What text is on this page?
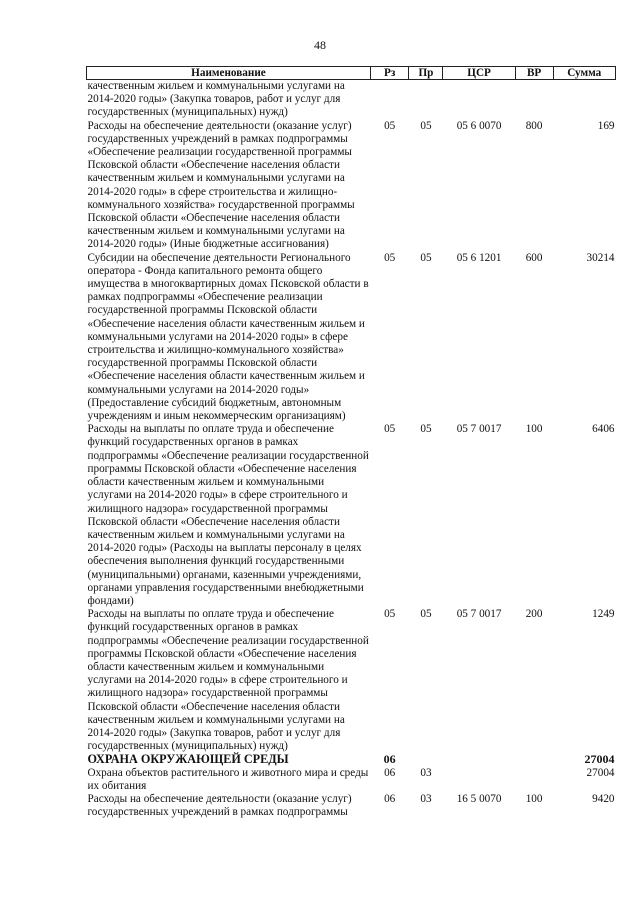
48
Наименование	Рз	Пр	ЦСР	ВР	Сумма
качественным жильем и коммунальными услугами на 2014-2020 годы» (Закупка товаров, работ и услуг для государственных (муниципальных) нужд)					
Расходы на обеспечение деятельности (оказание услуг) государственных учреждений в рамках подпрограммы «Обеспечение реализации государственной программы Псковской области «Обеспечение населения области качественным жильем и коммунальными услугами на 2014-2020 годы» в сфере строительства и жилищно-коммунального хозяйства» государственной программы Псковской области «Обеспечение населения области качественным жильем и коммунальными услугами на 2014-2020 годы» (Иные бюджетные ассигнования)	05	05	05 6 0070	800	169
Субсидии на обеспечение деятельности Регионального оператора - Фонда капитального ремонта общего имущества в многоквартирных домах Псковской области в рамках подпрограммы «Обеспечение реализации государственной программы Псковской области «Обеспечение населения области качественным жильем и коммунальными услугами на 2014-2020 годы» в сфере строительства и жилищно-коммунального хозяйства» государственной программы Псковской области «Обеспечение населения области качественным жильем и коммунальными услугами на 2014-2020 годы» (Предоставление субсидий бюджетным, автономным учреждениям и иным некоммерческим организациям)	05	05	05 6 1201	600	30214
Расходы на выплаты по оплате труда и обеспечение функций государственных органов в рамках подпрограммы «Обеспечение реализации государственной программы Псковской области «Обеспечение населения области качественным жильем и коммунальными услугами на 2014-2020 годы» в сфере строительного и жилищного надзора» государственной программы Псковской области «Обеспечение населения области качественным жильем и коммунальными услугами на 2014-2020 годы» (Расходы на выплаты персоналу в целях обеспечения выполнения функций государственными (муниципальными) органами, казенными учреждениями, органами управления государственными внебюджетными фондами)	05	05	05 7 0017	100	6406
Расходы на выплаты по оплате труда и обеспечение функций государственных органов в рамках подпрограммы «Обеспечение реализации государственной программы Псковской области «Обеспечение населения области качественным жильем и коммунальными услугами на 2014-2020 годы» в сфере строительного и жилищного надзора» государственной программы Псковской области «Обеспечение населения области качественным жильем и коммунальными услугами на 2014-2020 годы» (Закупка товаров, работ и услуг для государственных (муниципальных) нужд)	05	05	05 7 0017	200	1249
ОХРАНА ОКРУЖАЮЩЕЙ СРЕДЫ	06				27004
Охрана объектов растительного и животного мира и среды их обитания	06	03			27004
Расходы на обеспечение деятельности (оказание услуг) государственных учреждений в рамках подпрограммы	06	03	16 5 0070	100	9420
